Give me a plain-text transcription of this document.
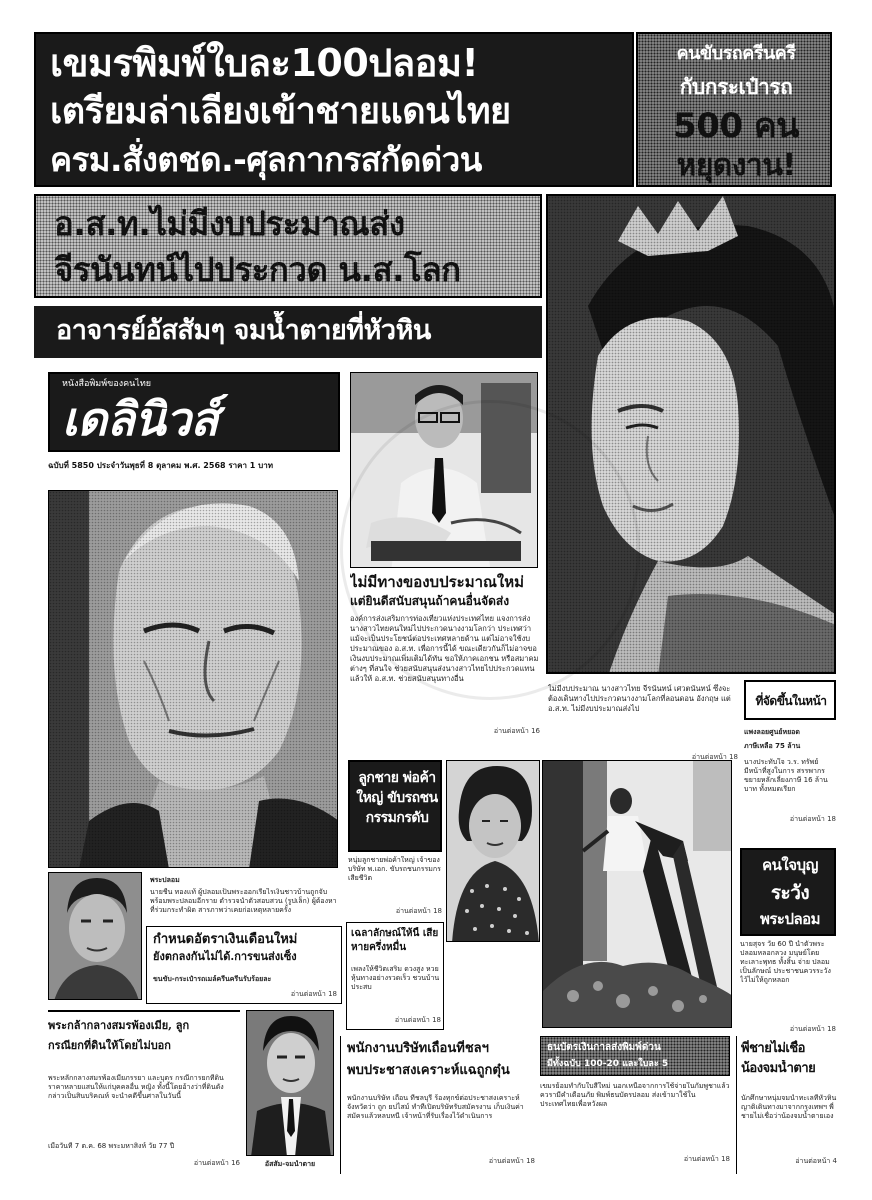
เขมรพิมพ์ใบละ100ปลอม!
เตรียมล่าเลียงเข้าชายแดนไทย
ครม.สั่งตชด.-ศุลกากรสกัดด่วน
คนขับรถครีนครี
กับกระเป๋ารถ
500 คน
หยุดงาน!
อ.ส.ท.ไม่มีงบประมาณส่ง
จีรนันทน์ไปประกวด น.ส.โลก
อาจารย์อัสสัมๆ จมน้ำตายที่หัวหิน
หนังสือพิมพ์ของคนไทย
เดลินิวส์
ฉบับที่ 5850 ประจำวันพุธที่ 8 ตุลาคม พ.ศ. 2568 ราคา 1 บาท
ไม่มีทางของบประมาณใหม่
แต่ยินดีสนับสนุนถ้าคนอื่นจัดส่ง
องค์การส่งเสริมการท่องเที่ยวแห่งประเทศไทย แจงการส่งนางสาวไทยคนใหม่ไปประกวดนางงามโลกว่า ประเทศว่า แม้จะเป็นประโยชน์ต่อประเทศหลายด้าน แต่ไม่อาจใช้งบประมาณของ อ.ส.ท. เพื่อการนี้ได้ ขณะเดียวกันก็ไม่อาจขอเงินงบประมาณเพิ่มเติมได้ทัน ขอให้ภาคเอกชน หรือสมาคมต่างๆ ที่สนใจ ช่วยสนับสนุนส่งนางสาวไทยไปประกวดแทน แล้วให้ อ.ส.ท. ช่วยสนับสนุนทางอื่น
อ่านต่อหน้า 16
ไม่มีงบประมาณ นางสาวไทย จีรนันทน์ เศวตนันทน์ ซึ่งจะต้องเดินทางไปประกวดนางงามโลกที่ลอนดอน อังกฤษ แต่ อ.ส.ท. ไม่มีงบประมาณส่งไป
อ่านต่อหน้า 18
ที่จัดขึ้นในหน้า
แพงลอยศูนย์หยอด
ภาษีเหลือ 75 ล้าน
นางประทับใจ ว.ร. ทรัพย์ มีหน้าที่สูงในการ สรรพากร ขยายหลักเลี่ยงภาษี 16 ล้านบาท ทั้งหมดเรียก
อ่านต่อหน้า 18
ลูกชาย พ่อค้าใหญ่ ขับรถชน กรรมกรดับ
หนุ่มลูกชายพ่อค้าใหญ่ เจ้าของบริษัท พ.เอก. ขับรถชนกรรมกรเสียชีวิต
อ่านต่อหน้า 18
คนใจบุญ
ระวัง
พระปลอม
นายสุจร วัย 60 ปี นำตัวพระปลอมหลอกลวง มนุษย์โดยทะเลาะพุทธ ทั้งสิ้น จ่าย ปลอม เป็นลักษณ์ ประชาชนควรระวังไว้ไม่ให้ถูกหลอก
อ่านต่อหน้า 18
พระปลอม
นายชื่น ทองแท้ ผู้ปลอมเป็นพระออกเรี่ยไรเงินชาวบ้านถูกจับ พร้อมพระปลอมอีกราย ตำรวจนำตัวสอบสวน (รูปเล็ก) ผู้ต้องหาที่ร่วมกระทำผิด สารภาพว่าเคยก่อเหตุหลายครั้ง
กำหนดอัตราเงินเดือนใหม่
ยังตกลงกันไม่ได้.การขนส่งเซ็ง
ขนขับ-กระเป๋ารถเมล์ครีนครีนรับร้อยละ
อ่านต่อหน้า 18
เฉลาลักษณ์ให้นี้ เสียหายครึ่งหมื่น
เพลงให้ชีวิตเสริม ดวงสูง หวยหุ้นทางอย่างรวดเร็ว ชวนบ้านประสบ
อ่านต่อหน้า 18
พระกล้ากลางสมรพ้องเมีย, ลูก
กรณียกที่ดินให้โดยไม่บอก
พระหลักกลางสมรพ้องเมียภรรยา และบุตร กรณีการยกที่ดินราคาหลายแสนให้แก่บุคคลอื่น หญิง ทั้งนี้โดยอ้างว่าที่ดินดังกล่าวเป็นสินบริคณห์ จะนำคดีขึ้นศาลในวันนี้
เมื่อวันที่ 7 ต.ค. 68 พระมหาสิงห์ วัย 77 ปี
อ่านต่อหน้า 16	อัสสัม-จมน้ำตาย
พนักงานบริษัทเถื่อนที่ชลฯ
พบประชาสงเคราะห์แฉถูกตุ๋น
พนักงานบริษัท เถื่อน ที่ชลบุรี ร้องทุกข์ต่อประชาสงเคราะห์จังหวัดว่า ถูก ยปไสม์ ทำทีเปิดบริษัทรับสมัครงาน เก็บเงินค่าสมัครแล้วหลบหนี เจ้าหน้าที่รับเรื่องไว้ดำเนินการ
อ่านต่อหน้า 18
ธนบัตรเงินกาลส่งพิมพ์ด่วน
มีทั้งฉบับ 100-20 และใบละ 5
เขมรย้อมทำกับใบสีใหม่ นอกเหนือจากการใช้จ่ายในกัมพูชาแล้ว ควรามีคำเตือนภัย พิมพ์ธนบัตรปลอม ส่งเข้ามาใช้ในประเทศไทยเพื่อหวังผล
อ่านต่อหน้า 18
พี่ชายไม่เชื่อ
น้องจมน้ำตาย
นักศึกษาหนุ่มจมน้ำทะเลที่หัวหิน ญาติเดินทางมาจากกรุงเทพฯ พี่ชายไม่เชื่อว่าน้องจมน้ำตายเอง
อ่านต่อหน้า 4
